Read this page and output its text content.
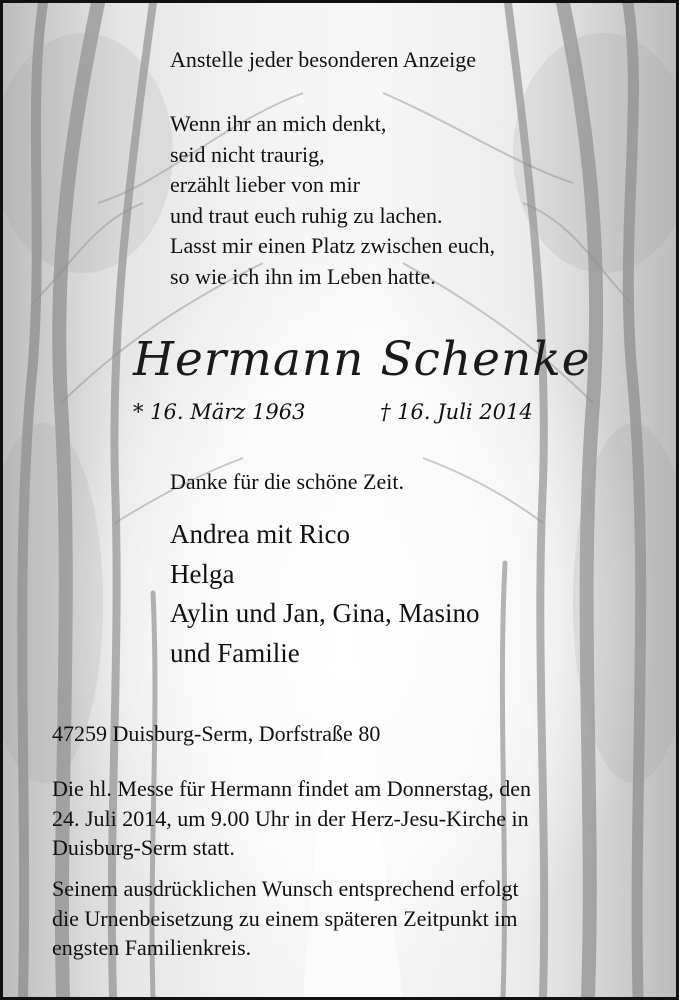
Anstelle jeder besonderen Anzeige
Wenn ihr an mich denkt,
seid nicht traurig,
erzählt lieber von mir
und traut euch ruhig zu lachen.
Lasst mir einen Platz zwischen euch,
so wie ich ihn im Leben hatte.
Hermann Schenke
* 16. März 1963	† 16. Juli 2014
Danke für die schöne Zeit.
Andrea mit Rico
Helga
Aylin und Jan, Gina, Masino
und Familie
47259 Duisburg-Serm, Dorfstraße 80
Die hl. Messe für Hermann findet am Donnerstag, den
24. Juli 2014, um 9.00 Uhr in der Herz-Jesu-Kirche in
Duisburg-Serm statt.
Seinem ausdrücklichen Wunsch entsprechend erfolgt
die Urnenbeisetzung zu einem späteren Zeitpunkt im
engsten Familienkreis.
